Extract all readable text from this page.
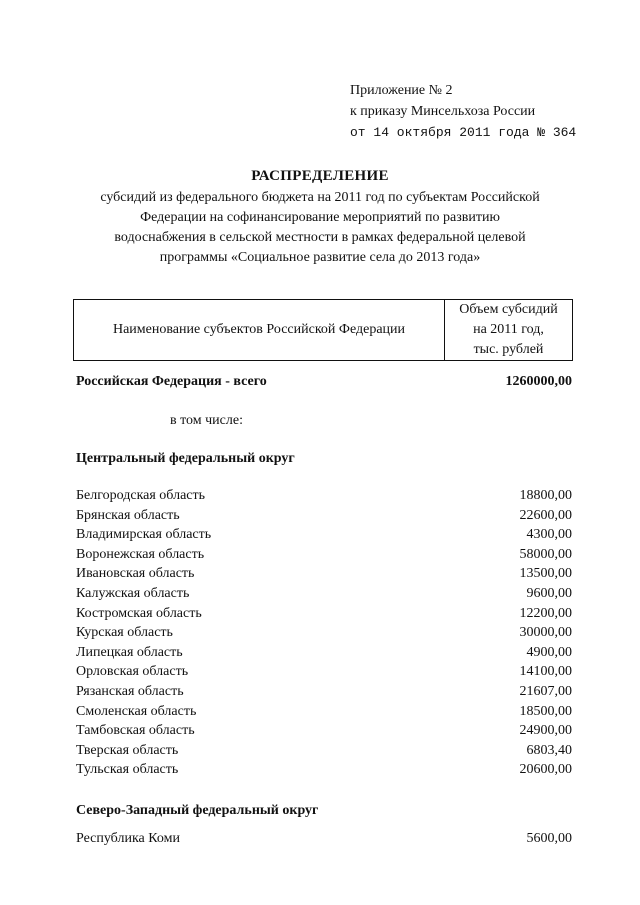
Приложение № 2
к приказу Минсельхоза России
от 14 октября 2011 года № 364
РАСПРЕДЕЛЕНИЕ
субсидий из федерального бюджета на 2011 год по субъектам Российской
Федерации на софинансирование мероприятий по развитию
водоснабжения в сельской местности в рамках федеральной целевой
программы «Социальное развитие села до 2013 года»
Наименование субъектов Российской Федерации
Объем субсидий
на 2011 год,
тыс. рублей
Российская Федерация - всего	1260000,00
в том числе:
Центральный федеральный округ
Белгородская область	18800,00
Брянская область	22600,00
Владимирская область	4300,00
Воронежская область	58000,00
Ивановская область	13500,00
Калужская область	9600,00
Костромская область	12200,00
Курская область	30000,00
Липецкая область	4900,00
Орловская область	14100,00
Рязанская область	21607,00
Смоленская область	18500,00
Тамбовская область	24900,00
Тверская область	6803,40
Тульская область	20600,00
Северо-Западный федеральный округ
Республика Коми	5600,00
